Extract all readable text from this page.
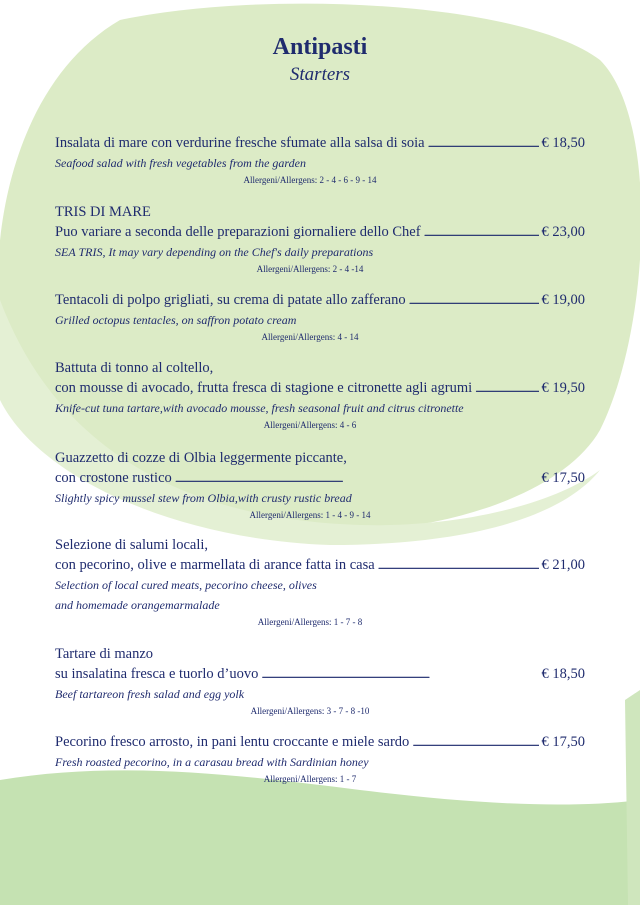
Antipasti
Starters
Insalata di mare con verdurine fresche sfumate alla salsa di soia . . .	€ 18,50
Seafood salad with fresh vegetables from the garden
Allergeni/Allergens: 2 - 4 - 6 - 9 - 14
TRIS DI MARE
Puo variare a seconda delle preparazioni giornaliere dello Chef . . .	€ 23,00
SEA TRIS, It may vary depending on the Chef's daily preparations
Allergeni/Allergens: 2 - 4 -14
Tentacoli di polpo grigliati, su crema di patate allo zafferano . . .	€ 19,00
Grilled octopus tentacles, on saffron potato cream
Allergeni/Allergens: 4 - 14
Battuta di tonno al coltello,
con mousse di avocado, frutta fresca di stagione e citronette agli agrumi . . .	€ 19,50
Knife-cut tuna tartare,with avocado mousse, fresh seasonal fruit and citrus citronette
Allergeni/Allergens: 4 - 6
Guazzetto di cozze di Olbia leggermente piccante,
con crostone rustico . . .	€ 17,50
Slightly spicy mussel stew from Olbia,with crusty rustic bread
Allergeni/Allergens: 1 - 4 - 9 - 14
Selezione di salumi locali,
con pecorino, olive e marmellata di arance fatta in casa . . .	€ 21,00
Selection of local cured meats, pecorino cheese, olives
and homemade orangemarmalade
Allergeni/Allergens: 1 - 7 - 8
Tartare di manzo
su insalatina fresca e tuorlo d’uovo . . .	€ 18,50
Beef tartareon fresh salad and egg yolk
Allergeni/Allergens: 3 - 7 - 8 -10
Pecorino fresco arrosto, in pani lentu croccante e miele sardo . . .	€ 17,50
Fresh roasted pecorino, in a carasau bread with Sardinian honey
Allergeni/Allergens: 1 - 7
